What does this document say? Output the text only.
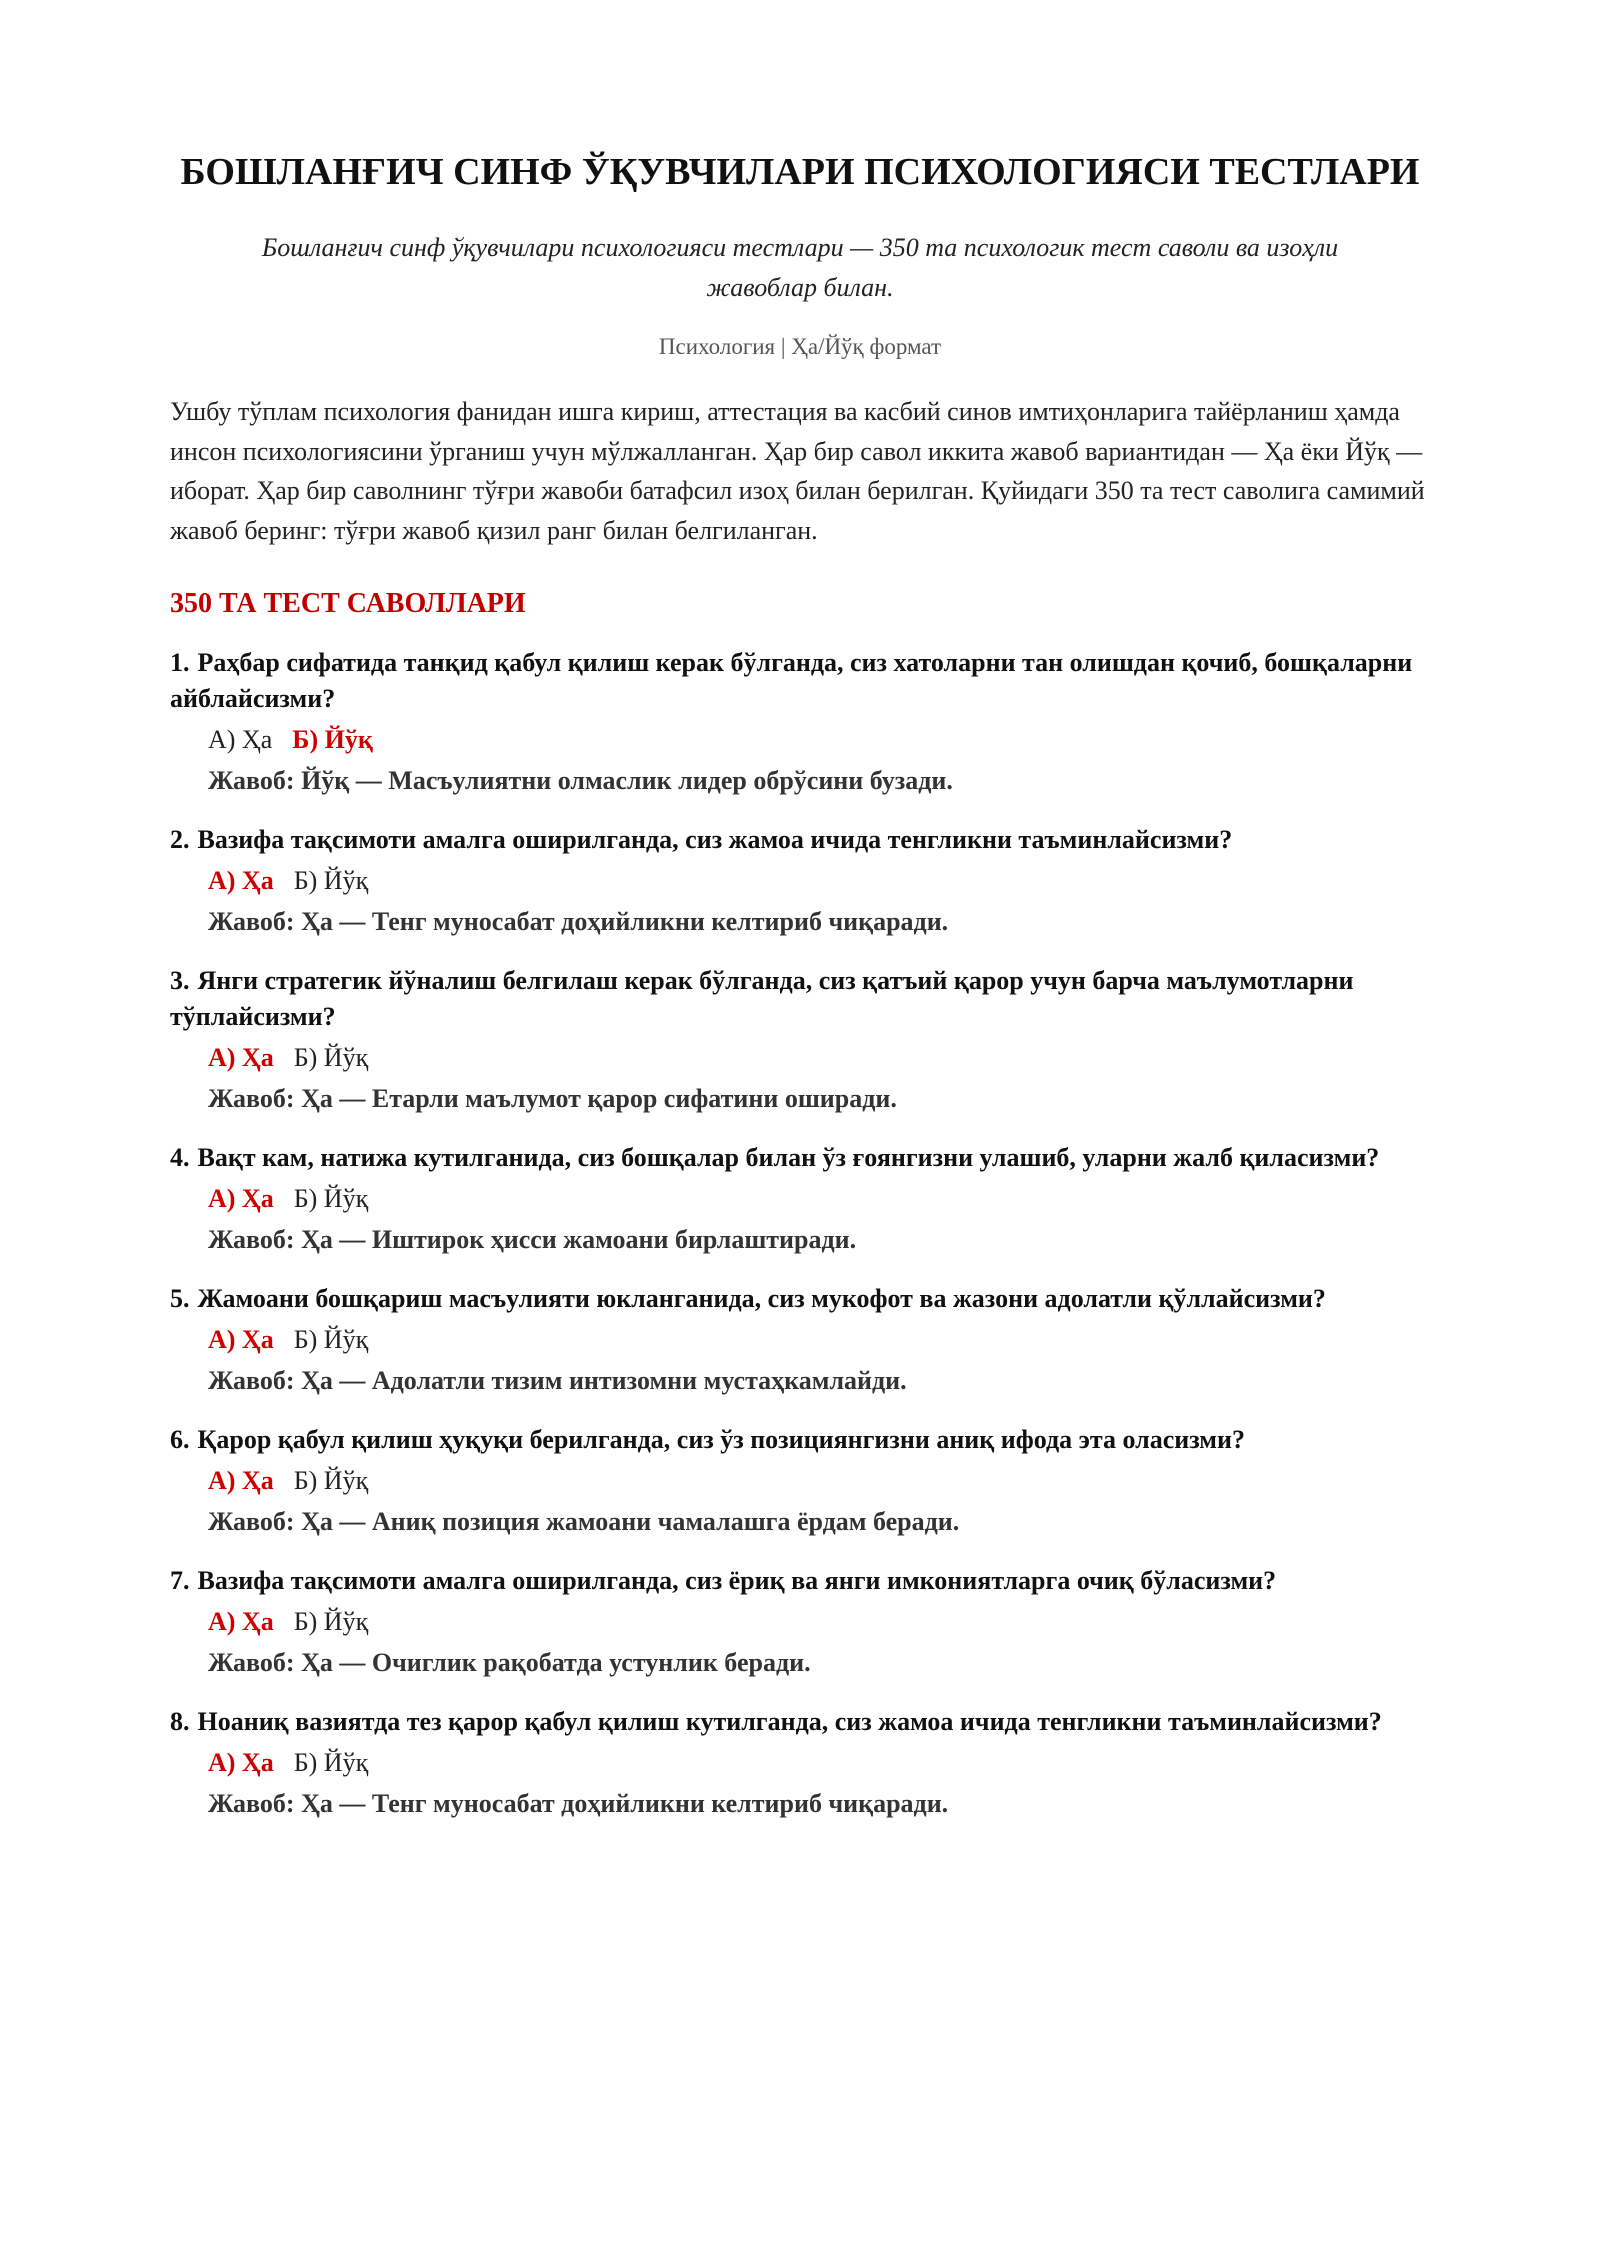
БОШЛАНҒИЧ СИНФ ЎҚУВЧИЛАРИ ПСИХОЛОГИЯСИ ТЕСТЛАРИ
Бошланғич синф ўқувчилари психологияси тестлари — 350 та психологик тест саволи ва изоҳли жавоблар билан.
Психология | Ҳа/Йўқ формат

Ушбу тўплам психология фанидан ишга кириш, аттестация ва касбий синов имтиҳонларига тайёрланиш ҳамда инсон психологиясини ўрганиш учун мўлжалланган. Ҳар бир савол иккита жавоб вариантидан — Ҳа ёки Йўқ — иборат. Ҳар бир саволнинг тўғри жавоби батафсил изоҳ билан берилган. Қуйидаги 350 та тест саволига самимий жавоб беринг: тўғри жавоб қизил ранг билан белгиланган.

350 ТА ТЕСТ САВОЛЛАРИ
1. Раҳбар сифатида танқид қабул қилиш керак бўлганда, сиз хатоларни тан олишдан қочиб, бошқаларни айблайсизми?
А) Ҳа Б) Йўқ
Жавоб: Йўқ — Масъулиятни олмаслик лидер обрўсини бузади.
2. Вазифа тақсимоти амалга оширилганда, сиз жамоа ичида тенгликни таъминлайсизми?
А) Ҳа Б) Йўқ
Жавоб: Ҳа — Тенг муносабат доҳийликни келтириб чиқаради.
3. Янги стратегик йўналиш белгилаш керак бўлганда, сиз қатъий қарор учун барча маълумотларни тўплайсизми?
А) Ҳа Б) Йўқ
Жавоб: Ҳа — Етарли маълумот қарор сифатини оширади.
4. Вақт кам, натижа кутилганида, сиз бошқалар билан ўз ғоянгизни улашиб, уларни жалб қиласизми?
А) Ҳа Б) Йўқ
Жавоб: Ҳа — Иштирок ҳисси жамоани бирлаштиради.
5. Жамоани бошқариш масъулияти юклангaнида, сиз мукофот ва жазони адолатли қўллайсизми?
А) Ҳа Б) Йўқ
Жавоб: Ҳа — Адолатли тизим интизомни мустаҳкамлайди.
6. Қарор қабул қилиш ҳуқуқи берилганда, сиз ўз позициянгизни аниқ ифода эта оласизми?
А) Ҳа Б) Йўқ
Жавоб: Ҳа — Аниқ позиция жамоани чамалашга ёрдам беради.
7. Вазифа тақсимоти амалга оширилганда, сиз ёриқ ва янги имкониятларга очиқ бўласизми?
А) Ҳа Б) Йўқ
Жавоб: Ҳа — Очиглик рақобатда устунлик беради.
8. Ноаниқ вазиятда тез қарор қабул қилиш кутилганда, сиз жамоа ичида тенгликни таъминлайсизми?
А) Ҳа Б) Йўқ
Жавоб: Ҳа — Тенг муносабат доҳийликни келтириб чиқаради.
